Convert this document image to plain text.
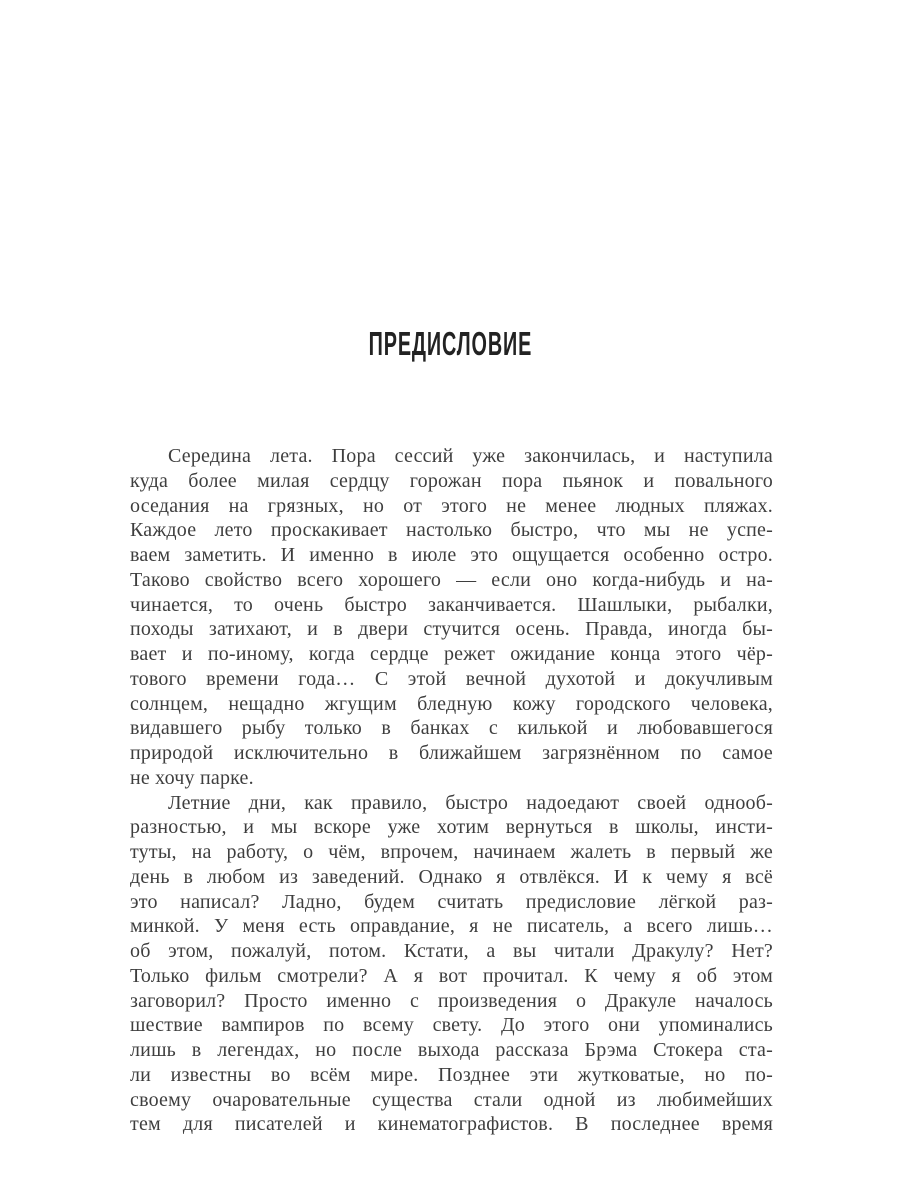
ПРЕДИСЛОВИЕ
Середина лета. Пора сессий уже закончилась, и наступила
куда более милая сердцу горожан пора пьянок и повального
оседания на грязных, но от этого не менее людных пляжах.
Каждое лето проскакивает настолько быстро, что мы не успе-
ваем заметить. И именно в июле это ощущается особенно остро.
Таково свойство всего хорошего — если оно когда-нибудь и на-
чинается, то очень быстро заканчивается. Шашлыки, рыбалки,
походы затихают, и в двери стучится осень. Правда, иногда бы-
вает и по-иному, когда сердце режет ожидание конца этого чёр-
тового времени года… С этой вечной духотой и докучливым
солнцем, нещадно жгущим бледную кожу городского человека,
видавшего рыбу только в банках с килькой и любовавшегося
природой исключительно в ближайшем загрязнённом по самое
не хочу парке.
Летние дни, как правило, быстро надоедают своей однооб-
разностью, и мы вскоре уже хотим вернуться в школы, инсти-
туты, на работу, о чём, впрочем, начинаем жалеть в первый же
день в любом из заведений. Однако я отвлёкся. И к чему я всё
это написал? Ладно, будем считать предисловие лёгкой раз-
минкой. У меня есть оправдание, я не писатель, а всего лишь…
об этом, пожалуй, потом. Кстати, а вы читали Дракулу? Нет?
Только фильм смотрели? А я вот прочитал. К чему я об этом
заговорил? Просто именно с произведения о Дракуле началось
шествие вампиров по всему свету. До этого они упоминались
лишь в легендах, но после выхода рассказа Брэма Стокера ста-
ли известны во всём мире. Позднее эти жутковатые, но по-
своему очаровательные существа стали одной из любимейших
тем для писателей и кинематографистов. В последнее время
